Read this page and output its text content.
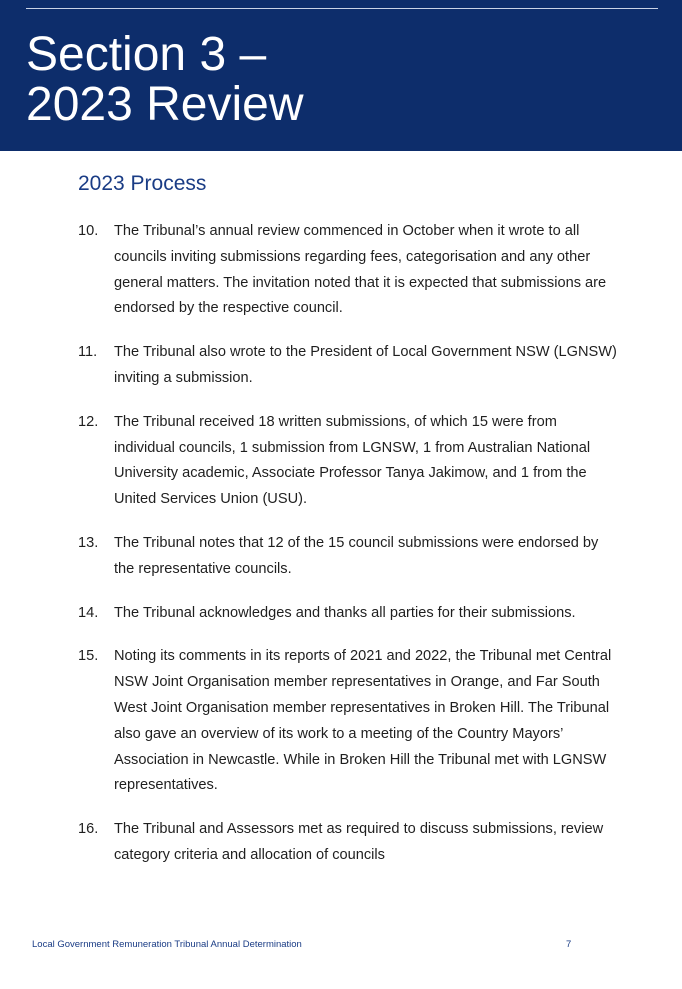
Section 3 –
2023 Review
2023 Process
10. The Tribunal’s annual review commenced in October when it wrote to all councils inviting submissions regarding fees, categorisation and any other general matters. The invitation noted that it is expected that submissions are endorsed by the respective council.
11. The Tribunal also wrote to the President of Local Government NSW (LGNSW) inviting a submission.
12. The Tribunal received 18 written submissions, of which 15 were from individual councils, 1 submission from LGNSW, 1 from Australian National University academic, Associate Professor Tanya Jakimow, and 1 from the United Services Union (USU).
13. The Tribunal notes that 12 of the 15 council submissions were endorsed by the representative councils.
14. The Tribunal acknowledges and thanks all parties for their submissions.
15. Noting its comments in its reports of 2021 and 2022, the Tribunal met Central NSW Joint Organisation member representatives in Orange, and Far South West Joint Organisation member representatives in Broken Hill. The Tribunal also gave an overview of its work to a meeting of the Country Mayors’ Association in Newcastle. While in Broken Hill the Tribunal met with LGNSW representatives.
16. The Tribunal and Assessors met as required to discuss submissions, review category criteria and allocation of councils
Local Government Remuneration Tribunal Annual Determination	7
